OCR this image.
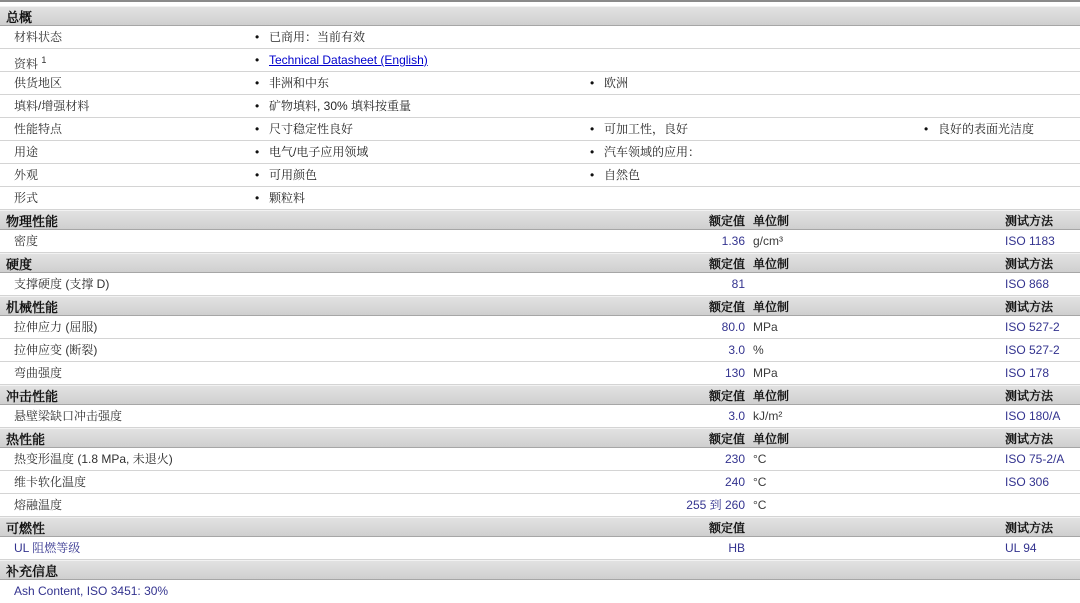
总概
材料状态	• 已商用：当前有效
资料 $^1$	• Technical Datasheet (English)
供货地区	• 非洲和中东	• 欧洲
填料/增强材料	• 矿物填料, 30% 填料按重量
性能特点	• 尺寸稳定性良好	• 可加工性，良好	• 良好的表面光洁度
用途	• 电气/电子应用领域	• 汽车领域的应用：
外观	• 可用颜色	• 自然色
形式	• 颗粒料
物理性能	额定值 单位制	测试方法
密度	1.36 g/cm³	ISO 1183
硬度	额定值 单位制	测试方法
支撑硬度 (支撑 D)	81	ISO 868
机械性能	额定值 单位制	测试方法
拉伸应力 (屈服)	80.0 MPa	ISO 527-2
拉伸应变 (断裂)	3.0 %	ISO 527-2
弯曲强度	130 MPa	ISO 178
冲击性能	额定值 单位制	测试方法
悬壁梁缺口冲击强度	3.0 kJ/m²	ISO 180/A
热性能	额定值 单位制	测试方法
热变形温度 (1.8 MPa, 未退火)	230 °C	ISO 75-2/A
维卡软化温度	240 °C	ISO 306
熔融温度	255 到 260 °C
可燃性	额定值	测试方法
UL 阻燃等级	HB	UL 94
补充信息
Ash Content, ISO 3451: 30%
